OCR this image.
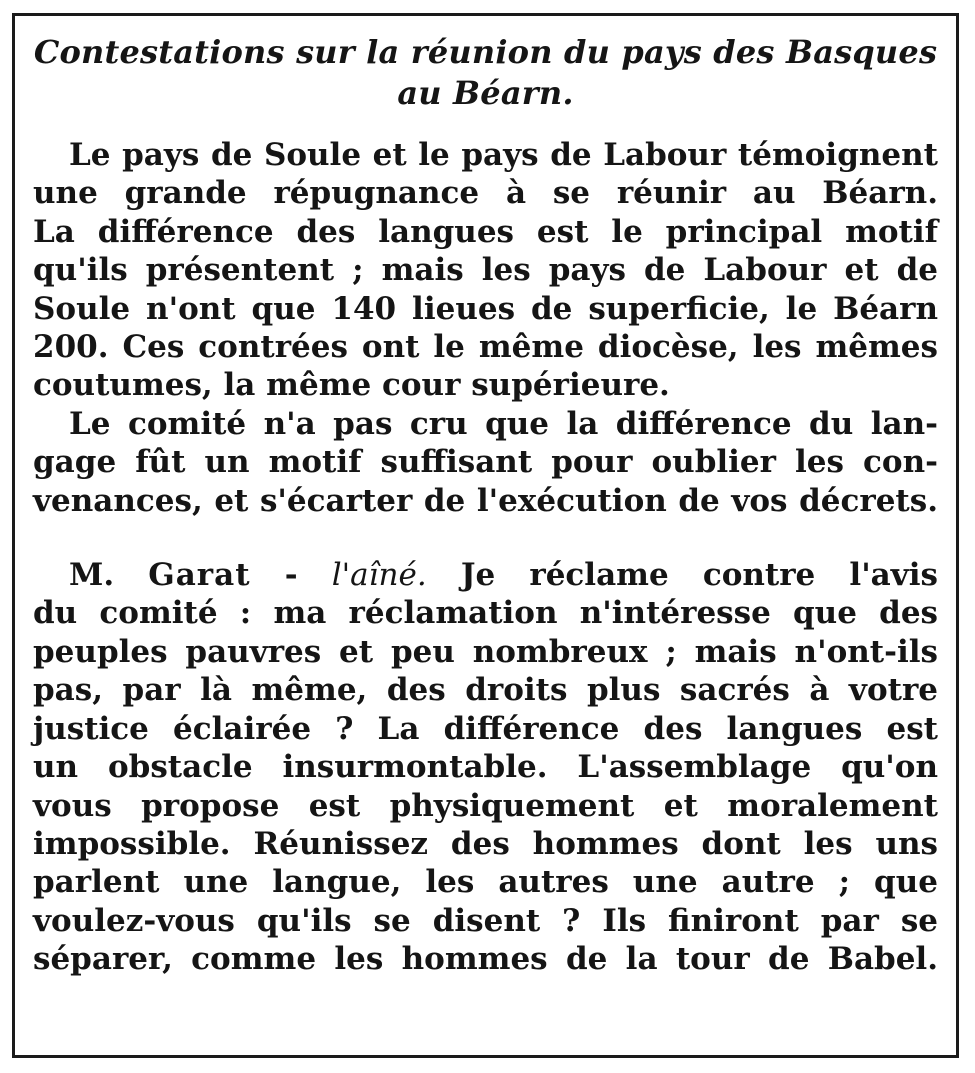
Contestations sur la réunion du pays des Basques
au Béarn.
Le pays de Soule et le pays de Labour témoignent
une grande répugnance à se réunir au Béarn.
La différence des langues est le principal motif
qu'ils présentent ; mais les pays de Labour et de
Soule n'ont que 140 lieues de superficie, le Béarn
200. Ces contrées ont le même diocèse, les mêmes
coutumes, la même cour supérieure.
Le comité n'a pas cru que la différence du lan-
gage fût un motif suffisant pour oublier les con-
venances, et s'écarter de l'exécution de vos décrets.
M. Garat - l'aîné. Je réclame contre l'avis
du comité : ma réclamation n'intéresse que des
peuples pauvres et peu nombreux ; mais n'ont-ils
pas, par là même, des droits plus sacrés à votre
justice éclairée ? La différence des langues est
un obstacle insurmontable. L'assemblage qu'on
vous propose est physiquement et moralement
impossible. Réunissez des hommes dont les uns
parlent une langue, les autres une autre ; que
voulez-vous qu'ils se disent ? Ils finiront par se
séparer, comme les hommes de la tour de Babel.
